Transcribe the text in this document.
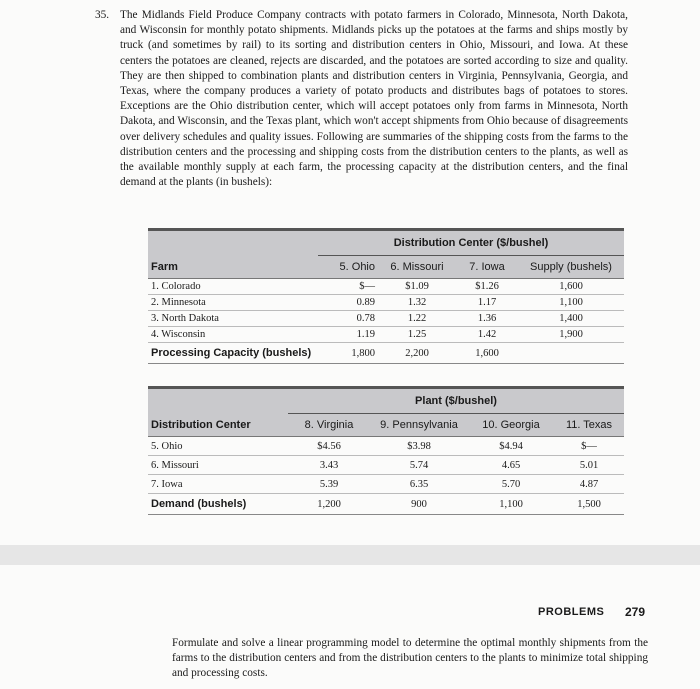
35. The Midlands Field Produce Company contracts with potato farmers in Colorado, Minnesota, North Dakota, and Wisconsin for monthly potato shipments. Midlands picks up the potatoes at the farms and ships mostly by truck (and sometimes by rail) to its sorting and distribution centers in Ohio, Missouri, and Iowa. At these centers the potatoes are cleaned, rejects are discarded, and the potatoes are sorted according to size and quality. They are then shipped to combination plants and distribution centers in Virginia, Pennsylvania, Georgia, and Texas, where the company produces a variety of potato products and distributes bags of potatoes to stores. Exceptions are the Ohio distribution center, which will accept potatoes only from farms in Minnesota, North Dakota, and Wisconsin, and the Texas plant, which won't accept shipments from Ohio because of disagreements over delivery schedules and quality issues. Following are summaries of the shipping costs from the farms to the distribution centers and the processing and shipping costs from the distribution centers to the plants, as well as the available monthly supply at each farm, the processing capacity at the distribution centers, and the final demand at the plants (in bushels):
	Distribution Center ($/bushel)			
Farm	5. Ohio	6. Missouri	7. Iowa	Supply (bushels)
1. Colorado	$—	$1.09	$1.26	1,600
2. Minnesota	0.89	1.32	1.17	1,100
3. North Dakota	0.78	1.22	1.36	1,400
4. Wisconsin	1.19	1.25	1.42	1,900
Processing Capacity (bushels)	1,800	2,200	1,600	
	Plant ($/bushel)			
Distribution Center	8. Virginia	9. Pennsylvania	10. Georgia	11. Texas
5. Ohio	$4.56	$3.98	$4.94	$—
6. Missouri	3.43	5.74	4.65	5.01
7. Iowa	5.39	6.35	5.70	4.87
Demand (bushels)	1,200	900	1,100	1,500
PROBLEMS 279
Formulate and solve a linear programming model to determine the optimal monthly shipments from the farms to the distribution centers and from the distribution centers to the plants to minimize total shipping and processing costs.
